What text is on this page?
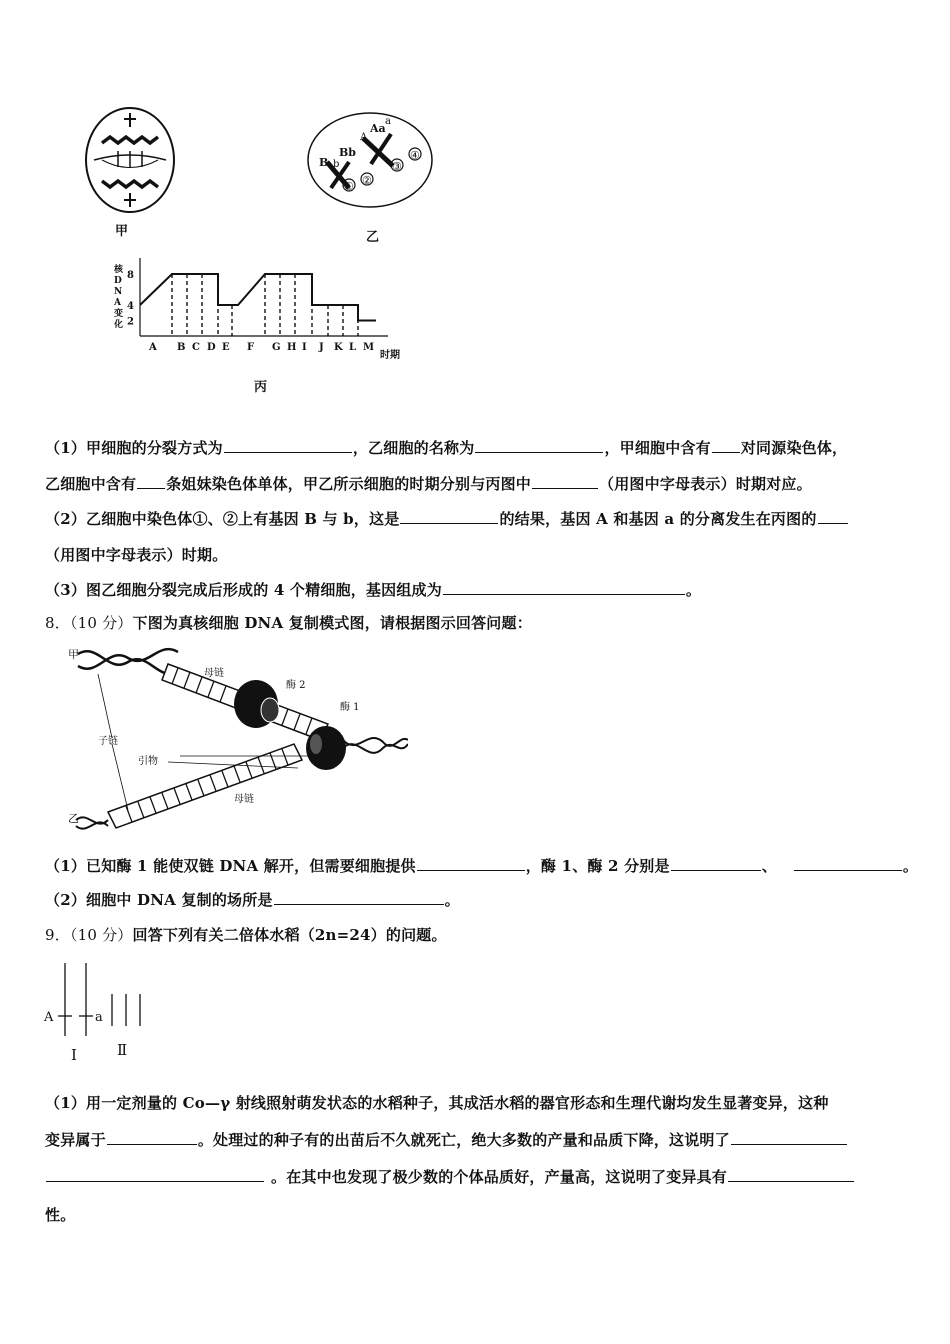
甲
① ②
③
④
B
Bb
b
Aa
A
a
乙
时期
核
D
N
A
变
化 2
4
8
A B C D E F G H I J K L M
丙
（1）甲细胞的分裂方式为	，乙细胞的名称为	，甲细胞中含有 对同源染色体，
乙细胞中含有 条姐妹染色体单体，甲乙所示细胞的时期分别与丙图中	（用图中字母表示）时期对应。
（2）乙细胞中染色体①、②上有基因 B 与 b，这是	的结果，基因 A 和基因 a 的分离发生在丙图的
（用图中字母表示）时期。
（3）图乙细胞分裂完成后形成的 4 个精细胞，基因组成为	。
8．（10 分）下图为真核细胞 DNA 复制模式图，请根据图示回答问题：
甲
乙
母链
酶 2
酶 1
子链
引物
母链
（1）已知酶 1 能使双链 DNA 解开，但需要细胞提供	，酶 1、酶 2 分别是	、	。
（2）细胞中 DNA 复制的场所是	。
9．（10 分）回答下列有关二倍体水稻（2n=24）的问题。
A	a
I	Ⅱ
（1）用一定剂量的 Co—γ 射线照射萌发状态的水稻种子，其成活水稻的器官形态和生理代谢均发生显著变异，这种
变异属于	。处理过的种子有的出苗后不久就死亡，绝大多数的产量和品质下降，这说明了
。在其中也发现了极少数的个体品质好，产量高，这说明了变异具有
性。
